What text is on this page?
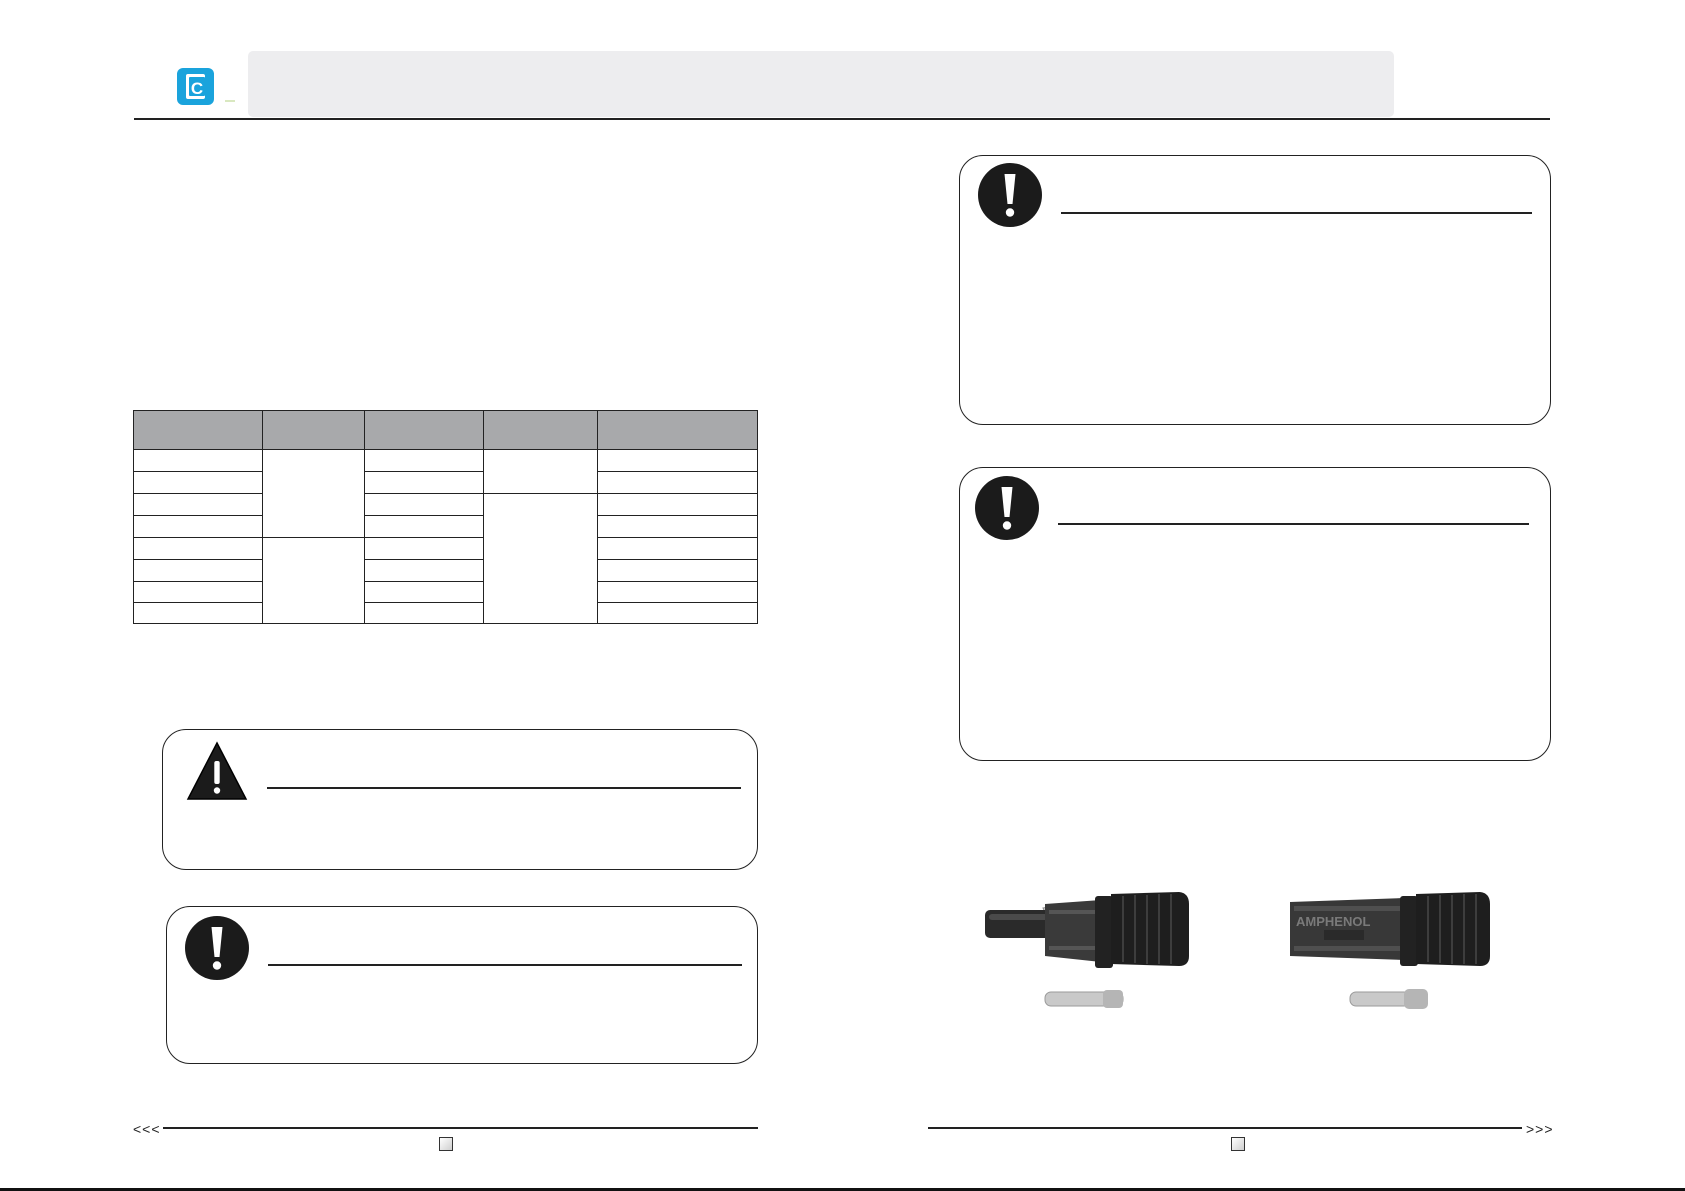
C
AMPHENOL
<<<	>>>
